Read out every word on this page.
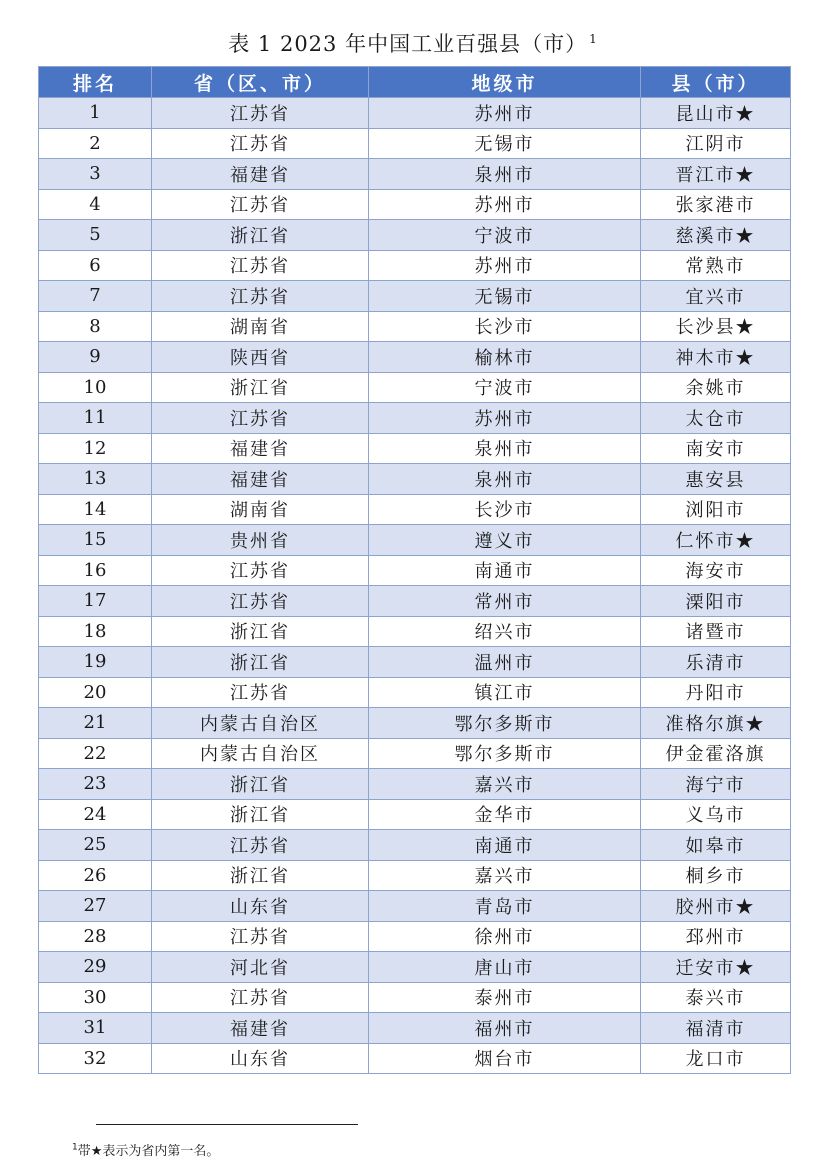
表 1 2023 年中国工业百强县（市） $^1$
排名	省（区、市）	地级市	县（市）
1	江苏省	苏州市	昆山市★
2	江苏省	无锡市	江阴市
3	福建省	泉州市	晋江市★
4	江苏省	苏州市	张家港市
5	浙江省	宁波市	慈溪市★
6	江苏省	苏州市	常熟市
7	江苏省	无锡市	宜兴市
8	湖南省	长沙市	长沙县★
9	陕西省	榆林市	神木市★
10	浙江省	宁波市	余姚市
11	江苏省	苏州市	太仓市
12	福建省	泉州市	南安市
13	福建省	泉州市	惠安县
14	湖南省	长沙市	浏阳市
15	贵州省	遵义市	仁怀市★
16	江苏省	南通市	海安市
17	江苏省	常州市	溧阳市
18	浙江省	绍兴市	诸暨市
19	浙江省	温州市	乐清市
20	江苏省	镇江市	丹阳市
21	内蒙古自治区	鄂尔多斯市	准格尔旗★
22	内蒙古自治区	鄂尔多斯市	伊金霍洛旗
23	浙江省	嘉兴市	海宁市
24	浙江省	金华市	义乌市
25	江苏省	南通市	如皋市
26	浙江省	嘉兴市	桐乡市
27	山东省	青岛市	胶州市★
28	江苏省	徐州市	邳州市
29	河北省	唐山市	迁安市★
30	江苏省	泰州市	泰兴市
31	福建省	福州市	福清市
32	山东省	烟台市	龙口市
$^1$带★表示为省内第一名。
